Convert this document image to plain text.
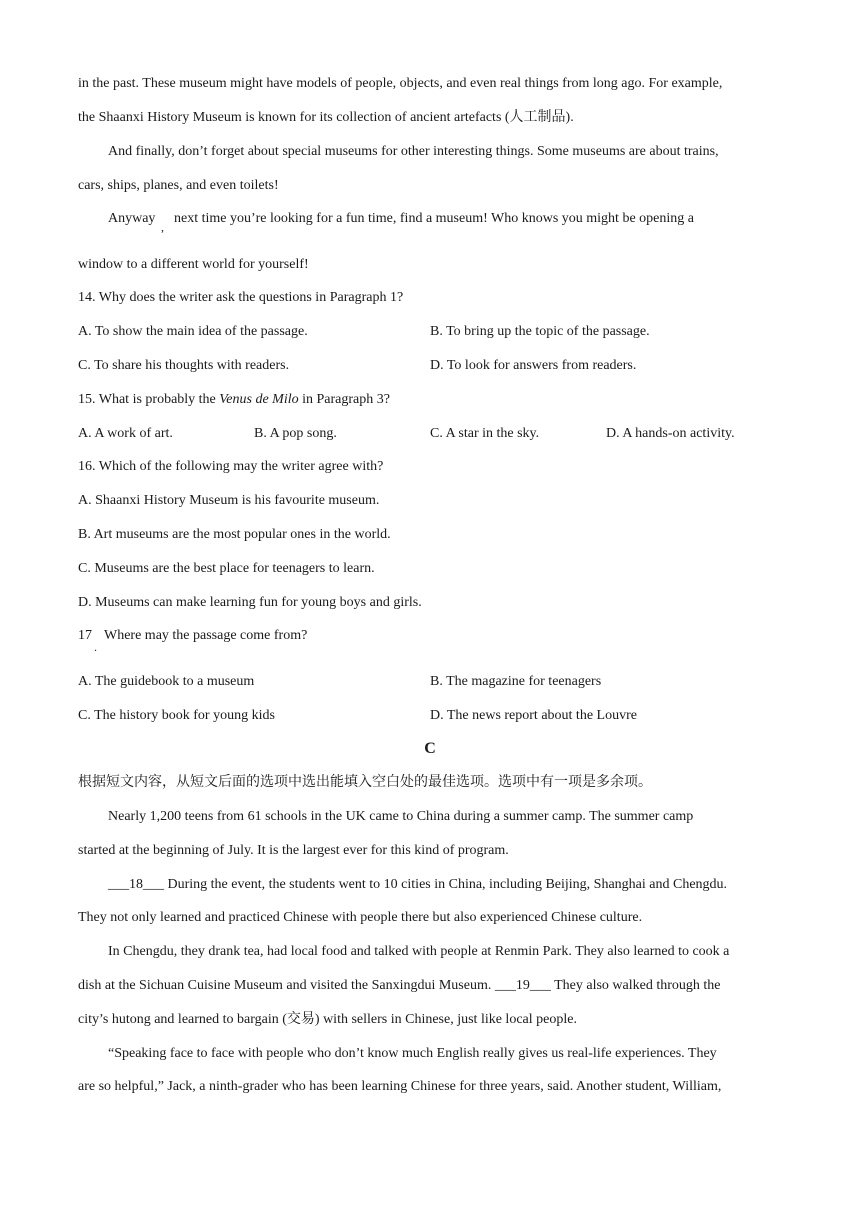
in the past. These museum might have models of people, objects, and even real things from long ago. For example,
the Shaanxi History Museum is known for its collection of ancient artefacts (人工制品).
And finally, don’t forget about special museums for other interesting things. Some museums are about trains,
cars, ships, planes, and even toilets!
Anyway
,
next time you’re looking for a fun time, find a museum! Who knows you might be opening a
window to a different world for yourself!
14. Why does the writer ask the questions in Paragraph 1?
A. To show the main idea of the passage.	B. To bring up the topic of the passage.
C. To share his thoughts with readers.	D. To look for answers from readers.
15. What is probably the Venus de Milo in Paragraph 3?
A. A work of art.	B. A pop song.	C. A star in the sky.	D. A hands-on activity.
16. Which of the following may the writer agree with?
A. Shaanxi History Museum is his favourite museum.
B. Art museums are the most popular ones in the world.
C. Museums are the best place for teenagers to learn.
D. Museums can make learning fun for young boys and girls.
17
.
Where may the passage come from?
A. The guidebook to a museum	B. The magazine for teenagers
C. The history book for young kids	D. The news report about the Louvre
C
根据短文内容，从短文后面的选项中选出能填入空白处的最佳选项。选项中有一项是多余项。
Nearly 1,200 teens from 61 schools in the UK came to China during a summer camp. The summer camp
started at the beginning of July. It is the largest ever for this kind of program.
___18___ During the event, the students went to 10 cities in China, including Beijing, Shanghai and Chengdu.
They not only learned and practiced Chinese with people there but also experienced Chinese culture.
In Chengdu, they drank tea, had local food and talked with people at Renmin Park. They also learned to cook a
dish at the Sichuan Cuisine Museum and visited the Sanxingdui Museum. ___19___ They also walked through the
city’s hutong and learned to bargain (交易) with sellers in Chinese, just like local people.
“Speaking face to face with people who don’t know much English really gives us real-life experiences. They
are so helpful,” Jack, a ninth-grader who has been learning Chinese for three years, said. Another student, William,
